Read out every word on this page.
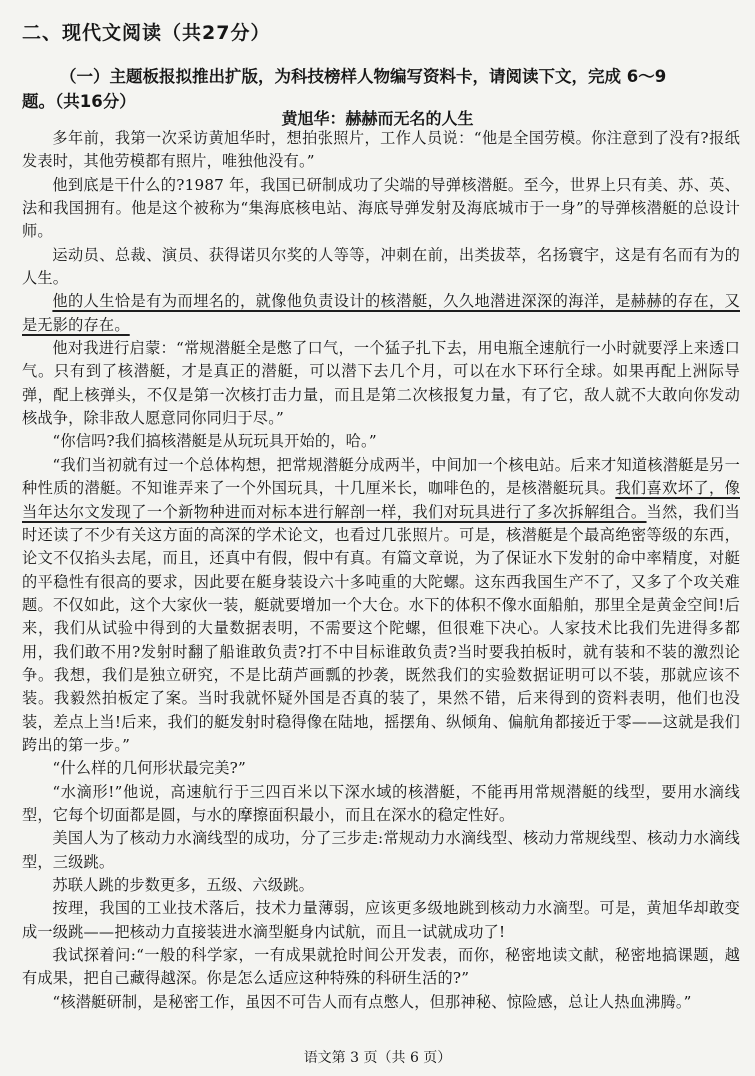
二、现代文阅读（共27分）
（一）主题板报拟推出扩版，为科技榜样人物编写资料卡，请阅读下文，完成 6～9
题。（共16分）
黄旭华：赫赫而无名的人生

多年前，我第一次采访黄旭华时，想拍张照片，工作人员说：“他是全国劳模。你注意到了没有?报纸发表时，其他劳模都有照片，唯独他没有。”

他到底是干什么的?1987 年，我国已研制成功了尖端的导弹核潜艇。至今，世界上只有美、苏、英、法和我国拥有。他是这个被称为“集海底核电站、海底导弹发射及海底城市于一身”的导弹核潜艇的总设计师。

运动员、总裁、演员、获得诺贝尔奖的人等等，冲刺在前，出类拔萃，名扬寰宇，这是有名而有为的人生。

他的人生恰是有为而埋名的，就像他负责设计的核潜艇，久久地潜进深深的海洋，是赫赫的存在，又是无影的存在。

他对我进行启蒙：“常规潜艇全是憋了口气，一个猛子扎下去，用电瓶全速航行一小时就要浮上来透口气。只有到了核潜艇，才是真正的潜艇，可以潜下去几个月，可以在水下环行全球。如果再配上洲际导弹，配上核弹头，不仅是第一次核打击力量，而且是第二次核报复力量，有了它，敌人就不大敢向你发动核战争，除非敌人愿意同你同归于尽。”

“你信吗?我们搞核潜艇是从玩玩具开始的，哈。”

“我们当初就有过一个总体构想，把常规潜艇分成两半，中间加一个核电站。后来才知道核潜艇是另一种性质的潜艇。不知谁弄来了一个外国玩具，十几厘米长，咖啡色的，是核潜艇玩具。我们喜欢坏了，像当年达尔文发现了一个新物种进而对标本进行解剖一样，我们对玩具进行了多次拆解组合。当然，我们当时还读了不少有关这方面的高深的学术论文，也看过几张照片。可是，核潜艇是个最高绝密等级的东西，论文不仅掐头去尾，而且，还真中有假，假中有真。有篇文章说，为了保证水下发射的命中率精度，对艇的平稳性有很高的要求，因此要在艇身装设六十多吨重的大陀螺。这东西我国生产不了，又多了个攻关难题。不仅如此，这个大家伙一装，艇就要增加一个大仓。水下的体积不像水面船舶，那里全是黄金空间!后来，我们从试验中得到的大量数据表明，不需要这个陀螺，但很难下决心。人家技术比我们先进得多都用，我们敢不用?发射时翻了船谁敢负责?打不中目标谁敢负责?当时要我拍板时，就有装和不装的激烈论争。我想，我们是独立研究，不是比葫芦画瓢的抄袭，既然我们的实验数据证明可以不装，那就应该不装。我毅然拍板定了案。当时我就怀疑外国是否真的装了，果然不错，后来得到的资料表明，他们也没装，差点上当!后来，我们的艇发射时稳得像在陆地，摇摆角、纵倾角、偏航角都接近于零——这就是我们跨出的第一步。”

“什么样的几何形状最完美?”

“水滴形!”他说，高速航行于三四百米以下深水域的核潜艇，不能再用常规潜艇的线型，要用水滴线型，它每个切面都是圆，与水的摩擦面积最小，而且在深水的稳定性好。

美国人为了核动力水滴线型的成功，分了三步走:常规动力水滴线型、核动力常规线型、核动力水滴线型，三级跳。

苏联人跳的步数更多，五级、六级跳。

按理，我国的工业技术落后，技术力量薄弱，应该更多级地跳到核动力水滴型。可是，黄旭华却敢变成一级跳——把核动力直接装进水滴型艇身内试航，而且一试就成功了!

我试探着问:“一般的科学家，一有成果就抢时间公开发表，而你，秘密地读文献，秘密地搞课题，越有成果，把自己藏得越深。你是怎么适应这种特殊的科研生活的?”

“核潜艇研制，是秘密工作，虽因不可告人而有点憋人，但那神秘、惊险感，总让人热血沸腾。”

语文第 3 页（共 6 页）
